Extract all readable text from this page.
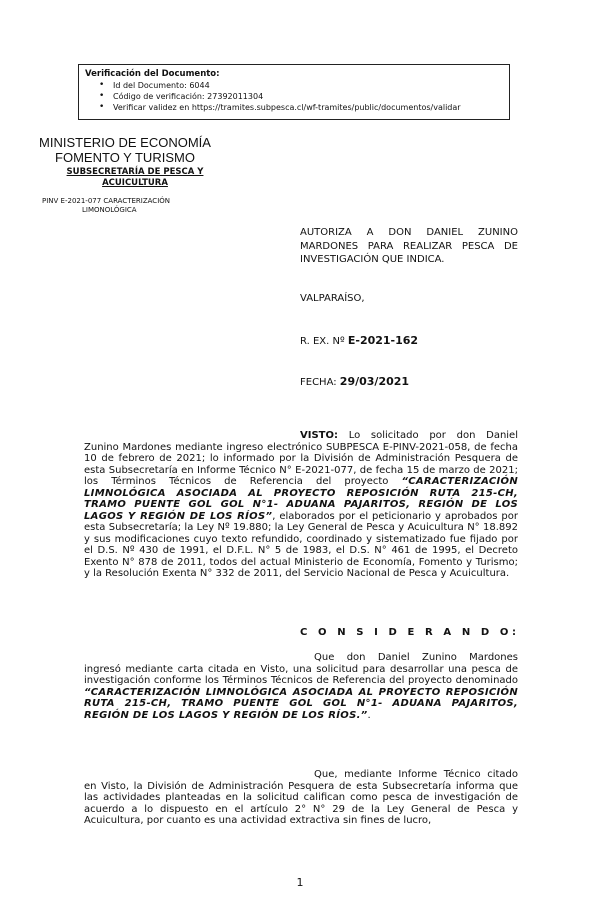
Verificación del Documento:
• Id del Documento: 6044
• Código de verificación: 27392011304
• Verificar validez en https://tramites.subpesca.cl/wf-tramites/public/documentos/validar
MINISTERIO DE ECONOMÍA
FOMENTO Y TURISMO
SUBSECRETARÍA DE PESCA Y
ACUICULTURA
PINV E-2021-077 CARACTERIZACIÓN
LIMONOLÓGICA
AUTORIZA A DON DANIEL ZUNINO MARDONES PARA REALIZAR PESCA DE INVESTIGACIÓN QUE INDICA.
VALPARAÍSO,
R. EX. Nº E-2021-162
FECHA: 29/03/2021
VISTO: Lo solicitado por don Daniel Zunino Mardones mediante ingreso electrónico SUBPESCA E-PINV-2021-058, de fecha 10 de febrero de 2021; lo informado por la División de Administración Pesquera de esta Subsecretaría en Informe Técnico N° E-2021-077, de fecha 15 de marzo de 2021; los Términos Técnicos de Referencia del proyecto “CARACTERIZACIÓN LIMNOLÓGICA ASOCIADA AL PROYECTO REPOSICIÓN RUTA 215-CH, TRAMO PUENTE GOL GOL N°1- ADUANA PAJARITOS, REGIÓN DE LOS LAGOS Y REGIÓN DE LOS RÍOS”, elaborados por el peticionario y aprobados por esta Subsecretaría; la Ley Nº 19.880; la Ley General de Pesca y Acuicultura N° 18.892 y sus modificaciones cuyo texto refundido, coordinado y sistematizado fue fijado por el D.S. Nº 430 de 1991, el D.F.L. N° 5 de 1983, el D.S. N° 461 de 1995, el Decreto Exento N° 878 de 2011, todos del actual Ministerio de Economía, Fomento y Turismo; y la Resolución Exenta N° 332 de 2011, del Servicio Nacional de Pesca y Acuicultura.
C O N S I D E R A N D O:
Que don Daniel Zunino Mardones ingresó mediante carta citada en Visto, una solicitud para desarrollar una pesca de investigación conforme los Términos Técnicos de Referencia del proyecto denominado “CARACTERIZACIÓN LIMNOLÓGICA ASOCIADA AL PROYECTO REPOSICIÓN RUTA 215-CH, TRAMO PUENTE GOL GOL N°1- ADUANA PAJARITOS, REGIÓN DE LOS LAGOS Y REGIÓN DE LOS RÍOS.”.
Que, mediante Informe Técnico citado en Visto, la División de Administración Pesquera de esta Subsecretaría informa que las actividades planteadas en la solicitud califican como pesca de investigación de acuerdo a lo dispuesto en el artículo 2° N° 29 de la Ley General de Pesca y Acuicultura, por cuanto es una actividad extractiva sin fines de lucro,
1
